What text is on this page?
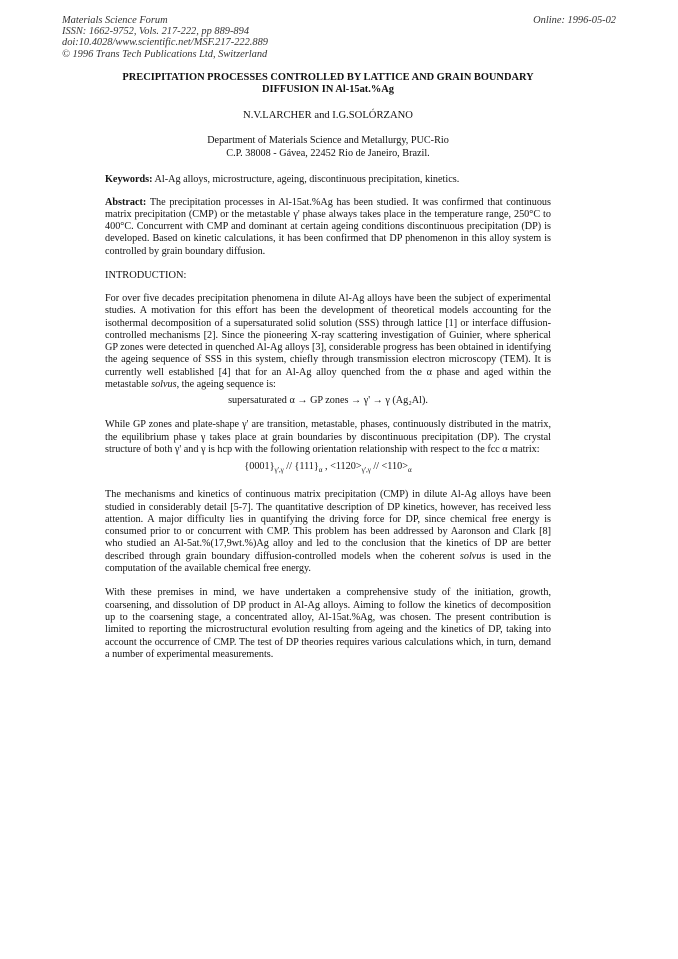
Materials Science Forum
ISSN: 1662-9752, Vols. 217-222, pp 889-894
doi:10.4028/www.scientific.net/MSF.217-222.889
© 1996 Trans Tech Publications Ltd, Switzerland
Online: 1996-05-02

PRECIPITATION PROCESSES CONTROLLED BY LATTICE AND GRAIN BOUNDARY
DIFFUSION IN Al-15at.%Ag

N.V.LARCHER and I.G.SOLÓRZANO
Department of Materials Science and Metallurgy, PUC-Rio
C.P. 38008 - Gávea, 22452 Rio de Janeiro, Brazil.
Keywords: Al-Ag alloys, microstructure, ageing, discontinuous precipitation, kinetics.
Abstract: The precipitation processes in Al-15at.%Ag has been studied. It was confirmed that continuous matrix precipitation (CMP) or the metastable γ' phase always takes place in the temperature range, 250°C to 400°C. Concurrent with CMP and dominant at certain ageing conditions discontinuous precipitation (DP) is developed. Based on kinetic calculations, it has been confirmed that DP phenomenon in this alloy system is controlled by grain boundary diffusion.
INTRODUCTION:
For over five decades precipitation phenomena in dilute Al-Ag alloys have been the subject of experimental studies. A motivation for this effort has been the development of theoretical models accounting for the isothermal decomposition of a supersaturated solid solution (SSS) through lattice [1] or interface diffusion-controlled mechanisms [2]. Since the pioneering X-ray scattering investigation of Guinier, where spherical GP zones were detected in quenched Al-Ag alloys [3], considerable progress has been obtained in identifying the ageing sequence of SSS in this system, chiefly through transmission electron microscopy (TEM). It is currently well established [4] that for an Al-Ag alloy quenched from the α phase and aged within the metastable solvus, the ageing sequence is:
supersaturated α → GP zones → γ' → γ (Ag₂Al).
While GP zones and plate-shape γ' are transition, metastable, phases, continuously distributed in the matrix, the equilibrium phase γ takes place at grain boundaries by discontinuous precipitation (DP). The crystal structure of both γ' and γ is hcp with the following orientation relationship with respect to the fcc α matrix:
$\{0001\}_{\gamma',\gamma} // \{111\}_\alpha$ , $<1120>_{\gamma',\gamma} // <110>_\alpha$
The mechanisms and kinetics of continuous matrix precipitation (CMP) in dilute Al-Ag alloys have been studied in considerably detail [5-7]. The quantitative description of DP kinetics, however, has received less attention. A major difficulty lies in quantifying the driving force for DP, since chemical free energy is consumed prior to or concurrent with CMP. This problem has been addressed by Aaronson and Clark [8] who studied an Al-5at.%(17,9wt.%)Ag alloy and led to the conclusion that the kinetics of DP are better described through grain boundary diffusion-controlled models when the coherent solvus is used in the computation of the available chemical free energy.
With these premises in mind, we have undertaken a comprehensive study of the initiation, growth, coarsening, and dissolution of DP product in Al-Ag alloys. Aiming to follow the kinetics of decomposition up to the coarsening stage, a concentrated alloy, Al-15at.%Ag, was chosen. The present contribution is limited to reporting the microstructural evolution resulting from ageing and the kinetics of DP, taking into account the occurrence of CMP. The test of DP theories requires various calculations which, in turn, demand a number of experimental measurements.
